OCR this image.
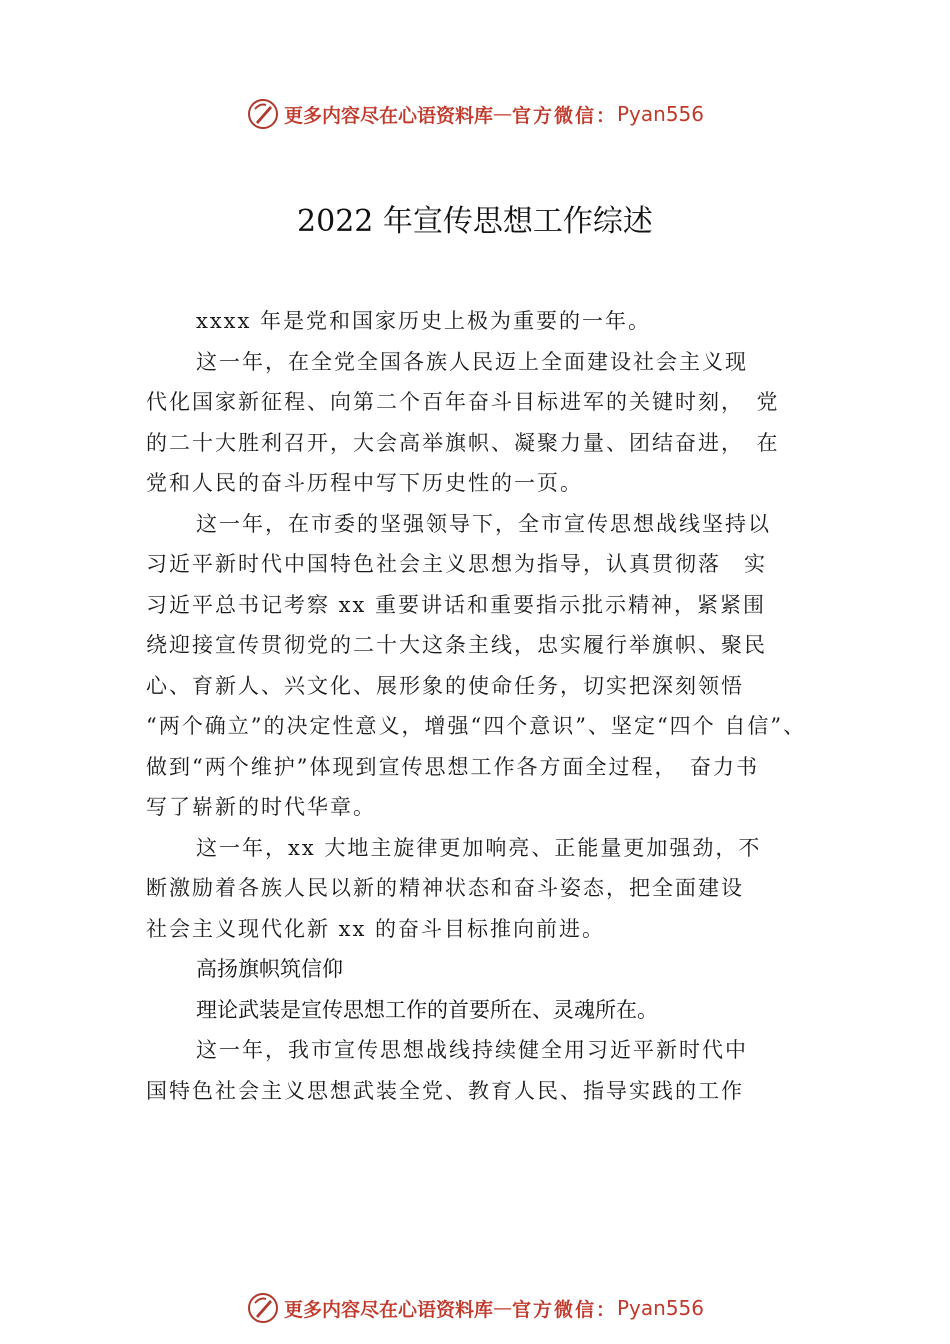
更多内容尽在心语资料库 — 官方微信： Pyan556
2022 年宣传思想工作综述
xxxx 年是党和国家历史上极为重要的一年。
这一年，在全党全国各族人民迈上全面建设社会主义现
代化国家新征程、向第二个百年奋斗目标进军的关键时刻，　党
的二十大胜利召开，大会高举旗帜、凝聚力量、团结奋进，　在
党和人民的奋斗历程中写下历史性的一页。
这一年，在市委的坚强领导下，全市宣传思想战线坚持以
习近平新时代中国特色社会主义思想为指导，认真贯彻落　实
习近平总书记考察 xx 重要讲话和重要指示批示精神，紧紧围
绕迎接宣传贯彻党的二十大这条主线，忠实履行举旗帜、聚民
心、育新人、兴文化、展形象的使命任务，切实把深刻领悟
“两个确立”的决定性意义，增强“四个意识”、坚定“四个 自信”、
做到“两个维护”体现到宣传思想工作各方面全过程，　奋力书
写了崭新的时代华章。
这一年，xx 大地主旋律更加响亮、正能量更加强劲，不
断激励着各族人民以新的精神状态和奋斗姿态，把全面建设
社会主义现代化新 xx 的奋斗目标推向前进。
高扬旗帜筑信仰
理论武装是宣传思想工作的首要所在、灵魂所在。
这一年，我市宣传思想战线持续健全用习近平新时代中
国特色社会主义思想武装全党、教育人民、指导实践的工作
更多内容尽在心语资料库 — 官方微信： Pyan556
